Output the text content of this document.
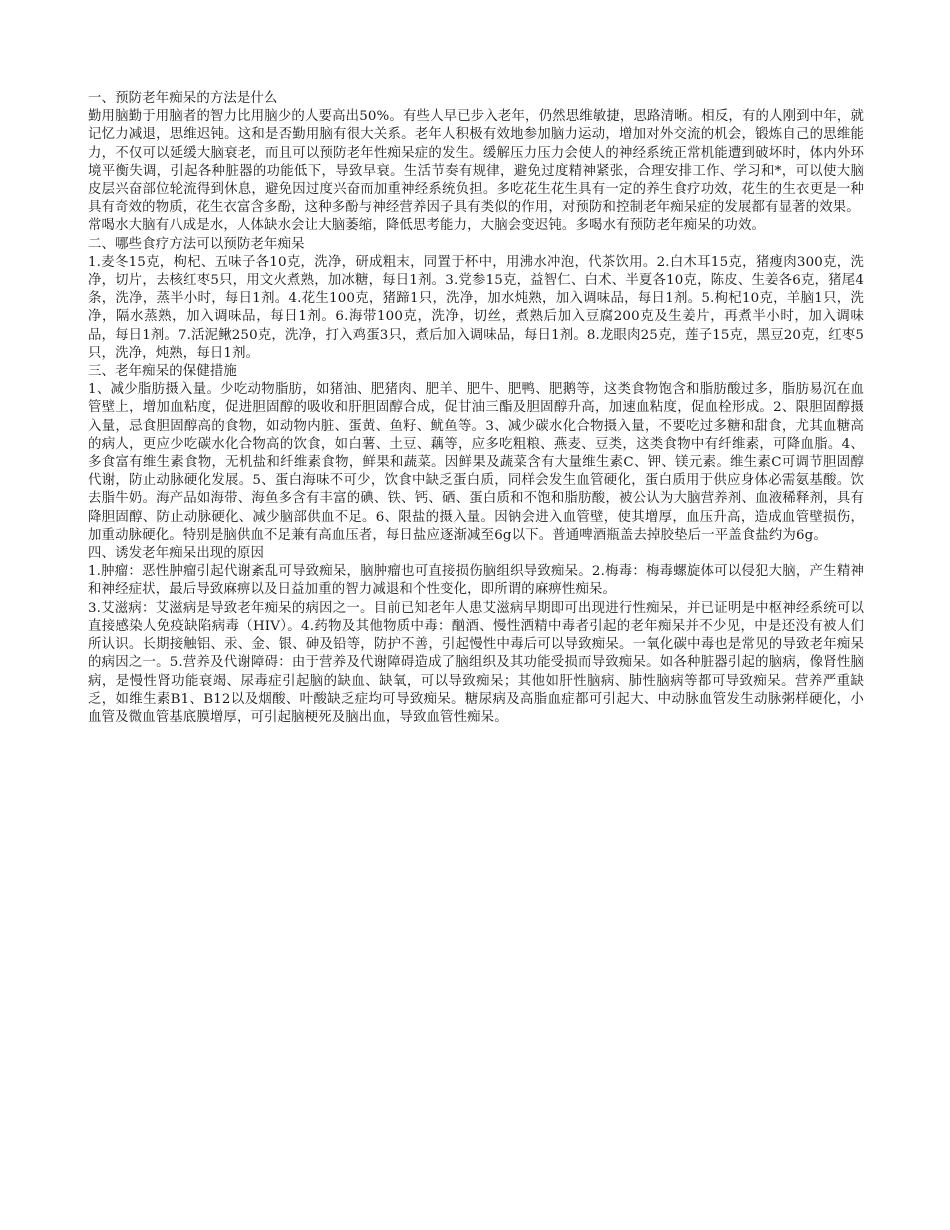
一、预防老年痴呆的方法是什么

勤用脑勤于用脑者的智力比用脑少的人要高出50%。有些人早已步入老年，仍然思维敏捷，思路清晰。相反，有的人刚到中年，就记忆力减退，思维迟钝。这和是否勤用脑有很大关系。老年人积极有效地参加脑力运动，增加对外交流的机会，锻炼自己的思维能力，不仅可以延缓大脑衰老，而且可以预防老年性痴呆症的发生。缓解压力压力会使人的神经系统正常机能遭到破坏时，体内外环境平衡失调，引起各种脏器的功能低下，导致早衰。生活节奏有规律，避免过度精神紧张，合理安排工作、学习和*，可以使大脑皮层兴奋部位轮流得到休息，避免因过度兴奋而加重神经系统负担。多吃花生花生具有一定的养生食疗功效，花生的生衣更是一种具有奇效的物质，花生衣富含多酚，这种多酚与神经营养因子具有类似的作用，对预防和控制老年痴呆症的发展都有显著的效果。

常喝水大脑有八成是水，人体缺水会让大脑萎缩，降低思考能力，大脑会变迟钝。多喝水有预防老年痴呆的功效。

二、哪些食疗方法可以预防老年痴呆

1.麦冬15克，枸杞、五味子各10克，洗净，研成粗末，同置于杯中，用沸水冲泡，代茶饮用。2.白木耳15克，猪瘦肉300克，洗净，切片，去核红枣5只，用文火煮熟，加冰糖，每日1剂。3.党参15克，益智仁、白术、半夏各10克，陈皮、生姜各6克，猪尾4条，洗净，蒸半小时，每日1剂。4.花生100克，猪蹄1只，洗净，加水炖熟，加入调味品，每日1剂。5.枸杞10克，羊脑1只，洗净，隔水蒸熟，加入调味品，每日1剂。6.海带100克，洗净，切丝，煮熟后加入豆腐200克及生姜片，再煮半小时，加入调味品，每日1剂。7.活泥鳅250克，洗净，打入鸡蛋3只，煮后加入调味品，每日1剂。8.龙眼肉25克，莲子15克，黑豆20克，红枣5只，洗净，炖熟，每日1剂。

三、老年痴呆的保健措施

1、减少脂肪摄入量。少吃动物脂肪，如猪油、肥猪肉、肥羊、肥牛、肥鸭、肥鹅等，这类食物饱含和脂肪酸过多，脂肪易沉在血管壁上，增加血粘度，促进胆固醇的吸收和肝胆固醇合成，促甘油三酯及胆固醇升高，加速血粘度，促血栓形成。2、限胆固醇摄入量，忌食胆固醇高的食物，如动物内脏、蛋黄、鱼籽、鱿鱼等。3、减少碳水化合物摄入量，不要吃过多糖和甜食，尤其血糖高的病人，更应少吃碳水化合物高的饮食，如白薯、土豆、藕等，应多吃粗粮、燕麦、豆类，这类食物中有纤维素，可降血脂。4、多食富有维生素食物，无机盐和纤维素食物，鲜果和蔬菜。因鲜果及蔬菜含有大量维生素C、钾、镁元素。维生素C可调节胆固醇代谢，防止动脉硬化发展。5、蛋白海味不可少，饮食中缺乏蛋白质，同样会发生血管硬化，蛋白质用于供应身体必需氨基酸。饮去脂牛奶。海产品如海带、海鱼多含有丰富的碘、铁、钙、硒、蛋白质和不饱和脂肪酸，被公认为大脑营养剂、血液稀释剂，具有降胆固醇、防止动脉硬化、减少脑部供血不足。6、限盐的摄入量。因钠会进入血管壁，使其增厚，血压升高，造成血管壁损伤，加重动脉硬化。特别是脑供血不足兼有高血压者，每日盐应逐渐减至6g以下。普通啤酒瓶盖去掉胶垫后一平盖食盐约为6g。

四、诱发老年痴呆出现的原因

1.肿瘤：恶性肿瘤引起代谢紊乱可导致痴呆，脑肿瘤也可直接损伤脑组织导致痴呆。2.梅毒：梅毒螺旋体可以侵犯大脑，产生精神和神经症状，最后导致麻痹以及日益加重的智力减退和个性变化，即所谓的麻痹性痴呆。

3.艾滋病：艾滋病是导致老年痴呆的病因之一。目前已知老年人患艾滋病早期即可出现进行性痴呆，并已证明是中枢神经系统可以直接感染人免疫缺陷病毒（HIV）。4.药物及其他物质中毒：酗酒、慢性洒精中毒者引起的老年痴呆并不少见，中是还没有被人们所认识。长期接触铝、汞、金、银、砷及铅等，防护不善，引起慢性中毒后可以导致痴呆。一氧化碳中毒也是常见的导致老年痴呆的病因之一。5.营养及代谢障碍：由于营养及代谢障碍造成了脑组织及其功能受损而导致痴呆。如各种脏器引起的脑病，像肾性脑病，是慢性肾功能衰竭、尿毒症引起脑的缺血、缺氧，可以导致痴呆；其他如肝性脑病、肺性脑病等都可导致痴呆。营养严重缺乏，如维生素B1、B12以及烟酸、叶酸缺乏症均可导致痴呆。糖尿病及高脂血症都可引起大、中动脉血管发生动脉粥样硬化，小血管及微血管基底膜增厚，可引起脑梗死及脑出血，导致血管性痴呆。
